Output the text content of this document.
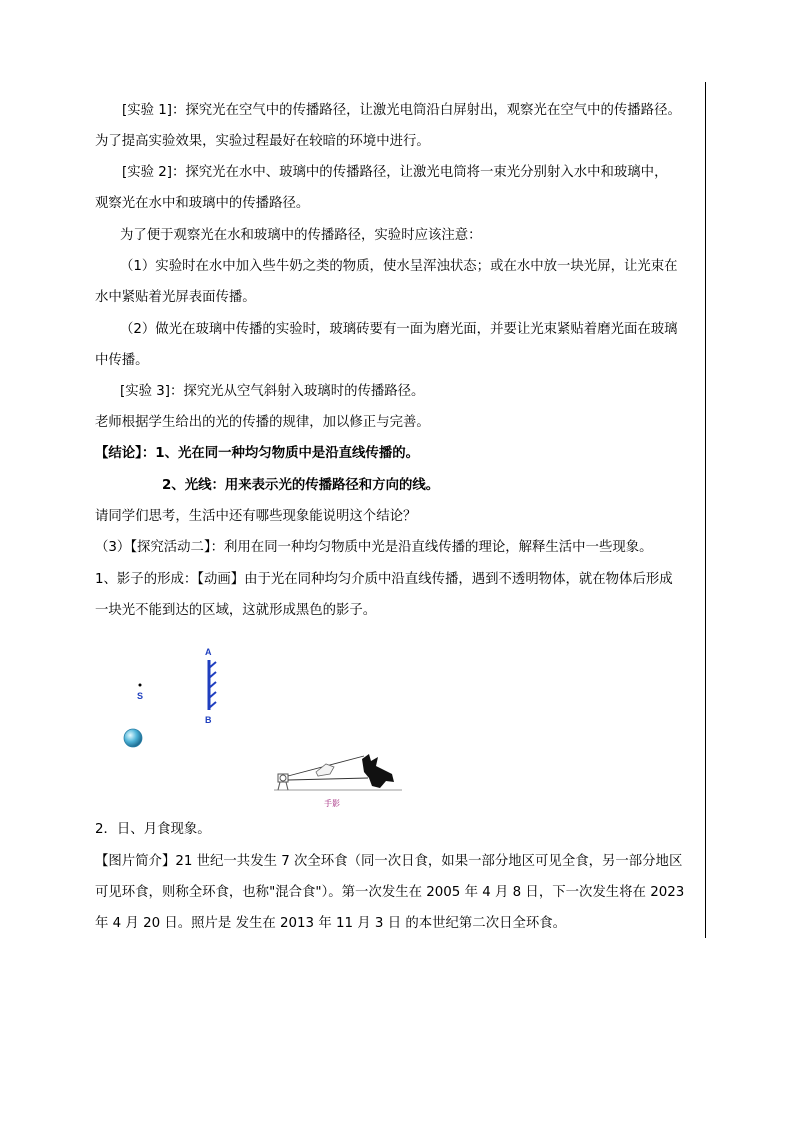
[实验 1]：探究光在空气中的传播路径，让激光电筒沿白屏射出，观察光在空气中的传播路径。
为了提高实验效果，实验过程最好在较暗的环境中进行。
[实验 2]：探究光在水中、玻璃中的传播路径，让激光电筒将一束光分别射入水中和玻璃中，
观察光在水中和玻璃中的传播路径。
为了便于观察光在水和玻璃中的传播路径，实验时应该注意：
（1）实验时在水中加入些牛奶之类的物质，使水呈浑浊状态；或在水中放一块光屏，让光束在
水中紧贴着光屏表面传播。
（2）做光在玻璃中传播的实验时，玻璃砖要有一面为磨光面，并要让光束紧贴着磨光面在玻璃
中传播。
[实验 3]：探究光从空气斜射入玻璃时的传播路径。
老师根据学生给出的光的传播的规律，加以修正与完善。
【结论】：1、光在同一种均匀物质中是沿直线传播的。
2、光线：用来表示光的传播路径和方向的线。
请同学们思考，生活中还有哪些现象能说明这个结论？
（3）【探究活动二】：利用在同一种均匀物质中光是沿直线传播的理论，解释生活中一些现象。
1、影子的形成：【动画】由于光在同种均匀介质中沿直线传播，遇到不透明物体，就在物体后形成
一块光不能到达的区域，这就形成黑色的影子。
A
B
S
手影
2．日、月食现象。
【图片简介】21 世纪一共发生 7 次全环食（同一次日食，如果一部分地区可见全食，另一部分地区
可见环食，则称全环食，也称"混合食"）。第一次发生在 2005 年 4 月 8 日，下一次发生将在 2023
年 4 月 20 日。照片是 发生在 2013 年 11 月 3 日 的本世纪第二次日全环食。
